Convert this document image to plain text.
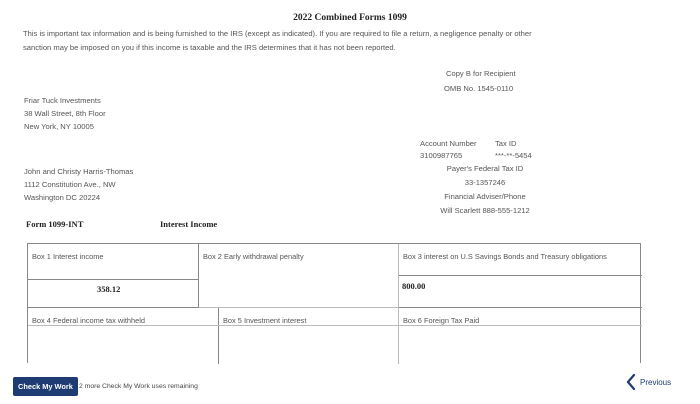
2022 Combined Forms 1099
This is important tax information and is being furnished to the IRS (except as indicated). If you are required to file a return, a negligence penalty or other sanction may be imposed on you if this income is taxable and the IRS determines that it has not been reported.
Copy B for Recipient
OMB No. 1545-0110
Friar Tuck Investments
38 Wall Street, 8th Floor
New York, NY 10005
John and Christy Harris-Thomas
1112 Constitution Ave., NW
Washington DC 20224
Account Number Tax ID
3100987765	***-**-5454
Payer's Federal Tax ID
33-1357246
Financial Adviser/Phone
Will Scarlett 888-555-1212
Form 1099-INT	Interest Income
Box 1 Interest income
358.12
Box 2 Early withdrawal penalty	Box 3 interest on U.S Savings Bonds and Treasury obligations
800.00
Box 4 Federal income tax withheld	Box 5 Investment interest	Box 6 Foreign Tax Paid
Check My Work 2 more Check My Work uses remaining	Previous
